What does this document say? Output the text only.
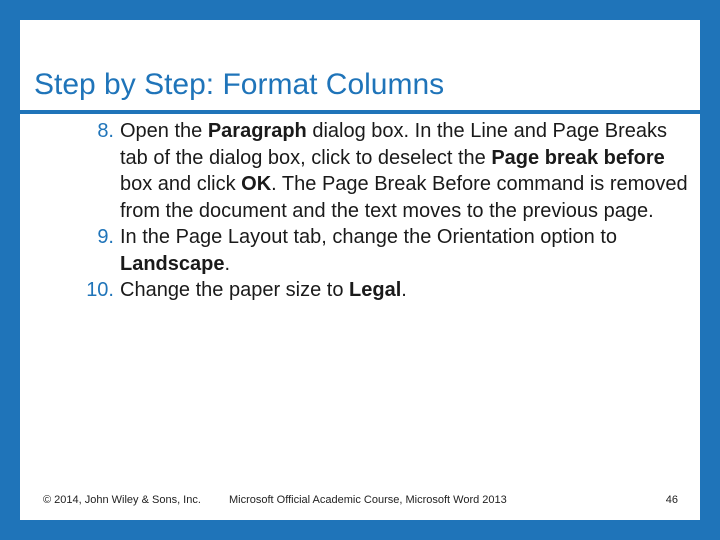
Step by Step: Format Columns
8. Open the Paragraph dialog box. In the Line and Page Breaks tab of the dialog box, click to deselect the Page break before box and click OK. The Page Break Before command is removed from the document and the text moves to the previous page.
9. In the Page Layout tab, change the Orientation option to Landscape.
10. Change the paper size to Legal.
© 2014, John Wiley & Sons, Inc.	Microsoft Official Academic Course, Microsoft Word 2013	46
